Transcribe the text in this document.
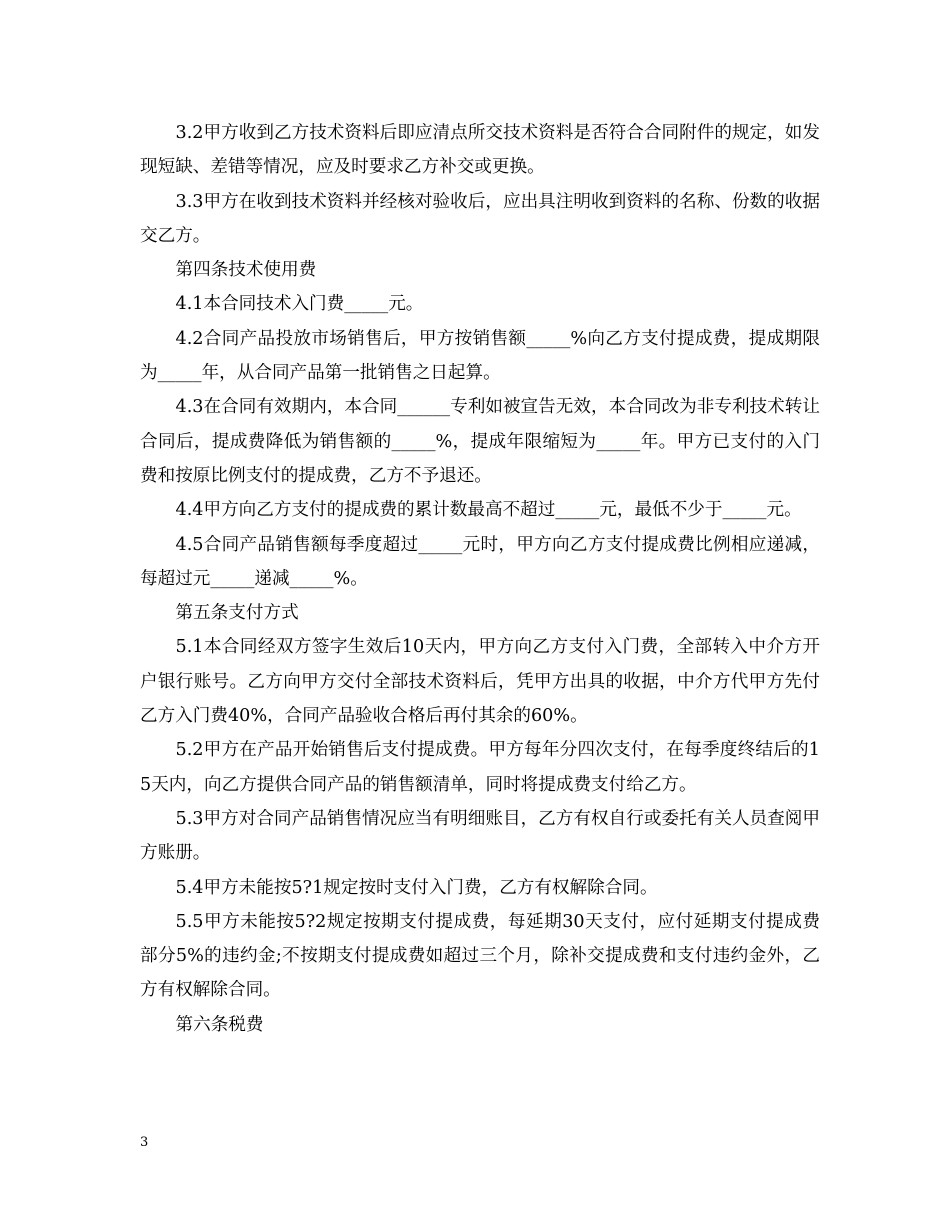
3.2甲方收到乙方技术资料后即应清点所交技术资料是否符合合同附件的规定，如发现短缺、差错等情况，应及时要求乙方补交或更换。

3.3甲方在收到技术资料并经核对验收后，应出具注明收到资料的名称、份数的收据交乙方。

第四条技术使用费

4.1本合同技术入门费_____元。

4.2合同产品投放市场销售后，甲方按销售额_____%向乙方支付提成费，提成期限为_____年，从合同产品第一批销售之日起算。

4.3在合同有效期内，本合同______专利如被宣告无效，本合同改为非专利技术转让合同后，提成费降低为销售额的_____%，提成年限缩短为_____年。甲方已支付的入门费和按原比例支付的提成费，乙方不予退还。

4.4甲方向乙方支付的提成费的累计数最高不超过_____元，最低不少于_____元。

4.5合同产品销售额每季度超过_____元时，甲方向乙方支付提成费比例相应递减，每超过元_____递减_____%。

第五条支付方式

5.1本合同经双方签字生效后10天内，甲方向乙方支付入门费，全部转入中介方开户银行账号。乙方向甲方交付全部技术资料后，凭甲方出具的收据，中介方代甲方先付乙方入门费40%，合同产品验收合格后再付其余的60%。

5.2甲方在产品开始销售后支付提成费。甲方每年分四次支付，在每季度终结后的15天内，向乙方提供合同产品的销售额清单，同时将提成费支付给乙方。

5.3甲方对合同产品销售情况应当有明细账目，乙方有权自行或委托有关人员查阅甲方账册。

5.4甲方未能按5?1规定按时支付入门费，乙方有权解除合同。

5.5甲方未能按5?2规定按期支付提成费，每延期30天支付，应付延期支付提成费部分5%的违约金;不按期支付提成费如超过三个月，除补交提成费和支付违约金外，乙方有权解除合同。

第六条税费

3
